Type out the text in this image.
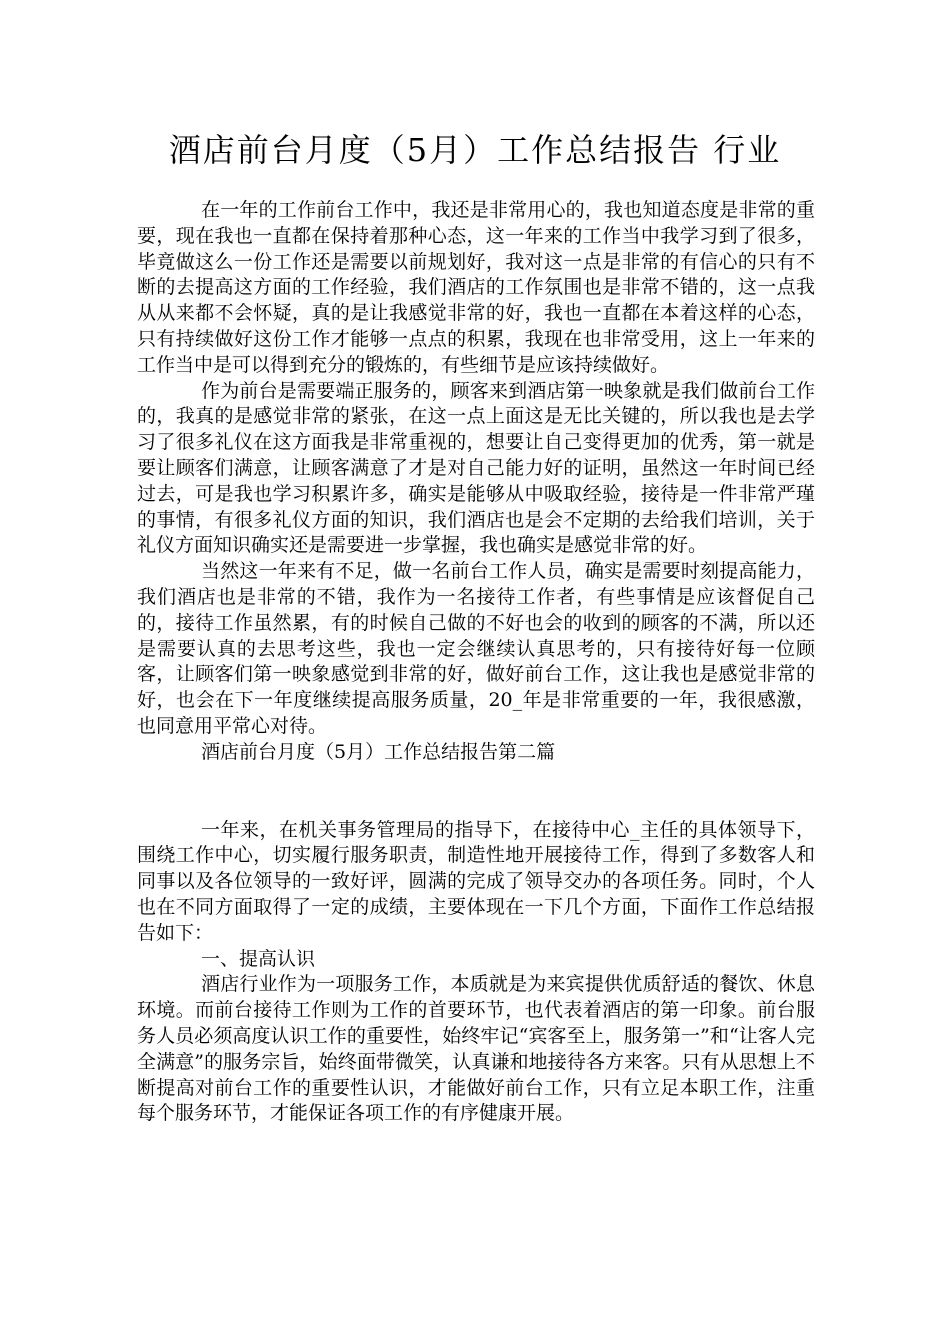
酒店前台月度（5月）工作总结报告 行业

在一年的工作前台工作中，我还是非常用心的，我也知道态度是非常的重要，现在我也一直都在保持着那种心态，这一年来的工作当中我学习到了很多，毕竟做这么一份工作还是需要以前规划好，我对这一点是非常的有信心的只有不断的去提高这方面的工作经验，我们酒店的工作氛围也是非常不错的，这一点我从从来都不会怀疑，真的是让我感觉非常的好，我也一直都在本着这样的心态，只有持续做好这份工作才能够一点点的积累，我现在也非常受用，这上一年来的工作当中是可以得到充分的锻炼的，有些细节是应该持续做好。

作为前台是需要端正服务的，顾客来到酒店第一映象就是我们做前台工作的，我真的是感觉非常的紧张，在这一点上面这是无比关键的，所以我也是去学习了很多礼仪在这方面我是非常重视的，想要让自己变得更加的优秀，第一就是要让顾客们满意，让顾客满意了才是对自己能力好的证明，虽然这一年时间已经过去，可是我也学习积累许多，确实是能够从中吸取经验，接待是一件非常严瑾的事情，有很多礼仪方面的知识，我们酒店也是会不定期的去给我们培训，关于礼仪方面知识确实还是需要进一步掌握，我也确实是感觉非常的好。

当然这一年来有不足，做一名前台工作人员，确实是需要时刻提高能力，我们酒店也是非常的不错，我作为一名接待工作者，有些事情是应该督促自己的，接待工作虽然累，有的时候自己做的不好也会的收到的顾客的不满，所以还是需要认真的去思考这些，我也一定会继续认真思考的，只有接待好每一位顾客，让顾客们第一映象感觉到非常的好，做好前台工作，这让我也是感觉非常的好，也会在下一年度继续提高服务质量，20_年是非常重要的一年，我很感激，也同意用平常心对待。

酒店前台月度（5月）工作总结报告第二篇

一年来，在机关事务管理局的指导下，在接待中心_主任的具体领导下，围绕工作中心，切实履行服务职责，制造性地开展接待工作，得到了多数客人和同事以及各位领导的一致好评，圆满的完成了领导交办的各项任务。同时，个人也在不同方面取得了一定的成绩，主要体现在一下几个方面，下面作工作总结报告如下：

一、提高认识

酒店行业作为一项服务工作，本质就是为来宾提供优质舒适的餐饮、休息环境。而前台接待工作则为工作的首要环节，也代表着酒店的第一印象。前台服务人员必须高度认识工作的重要性，始终牢记“宾客至上，服务第一”和“让客人完全满意”的服务宗旨，始终面带微笑，认真谦和地接待各方来客。只有从思想上不断提高对前台工作的重要性认识，才能做好前台工作，只有立足本职工作，注重每个服务环节，才能保证各项工作的有序健康开展。
